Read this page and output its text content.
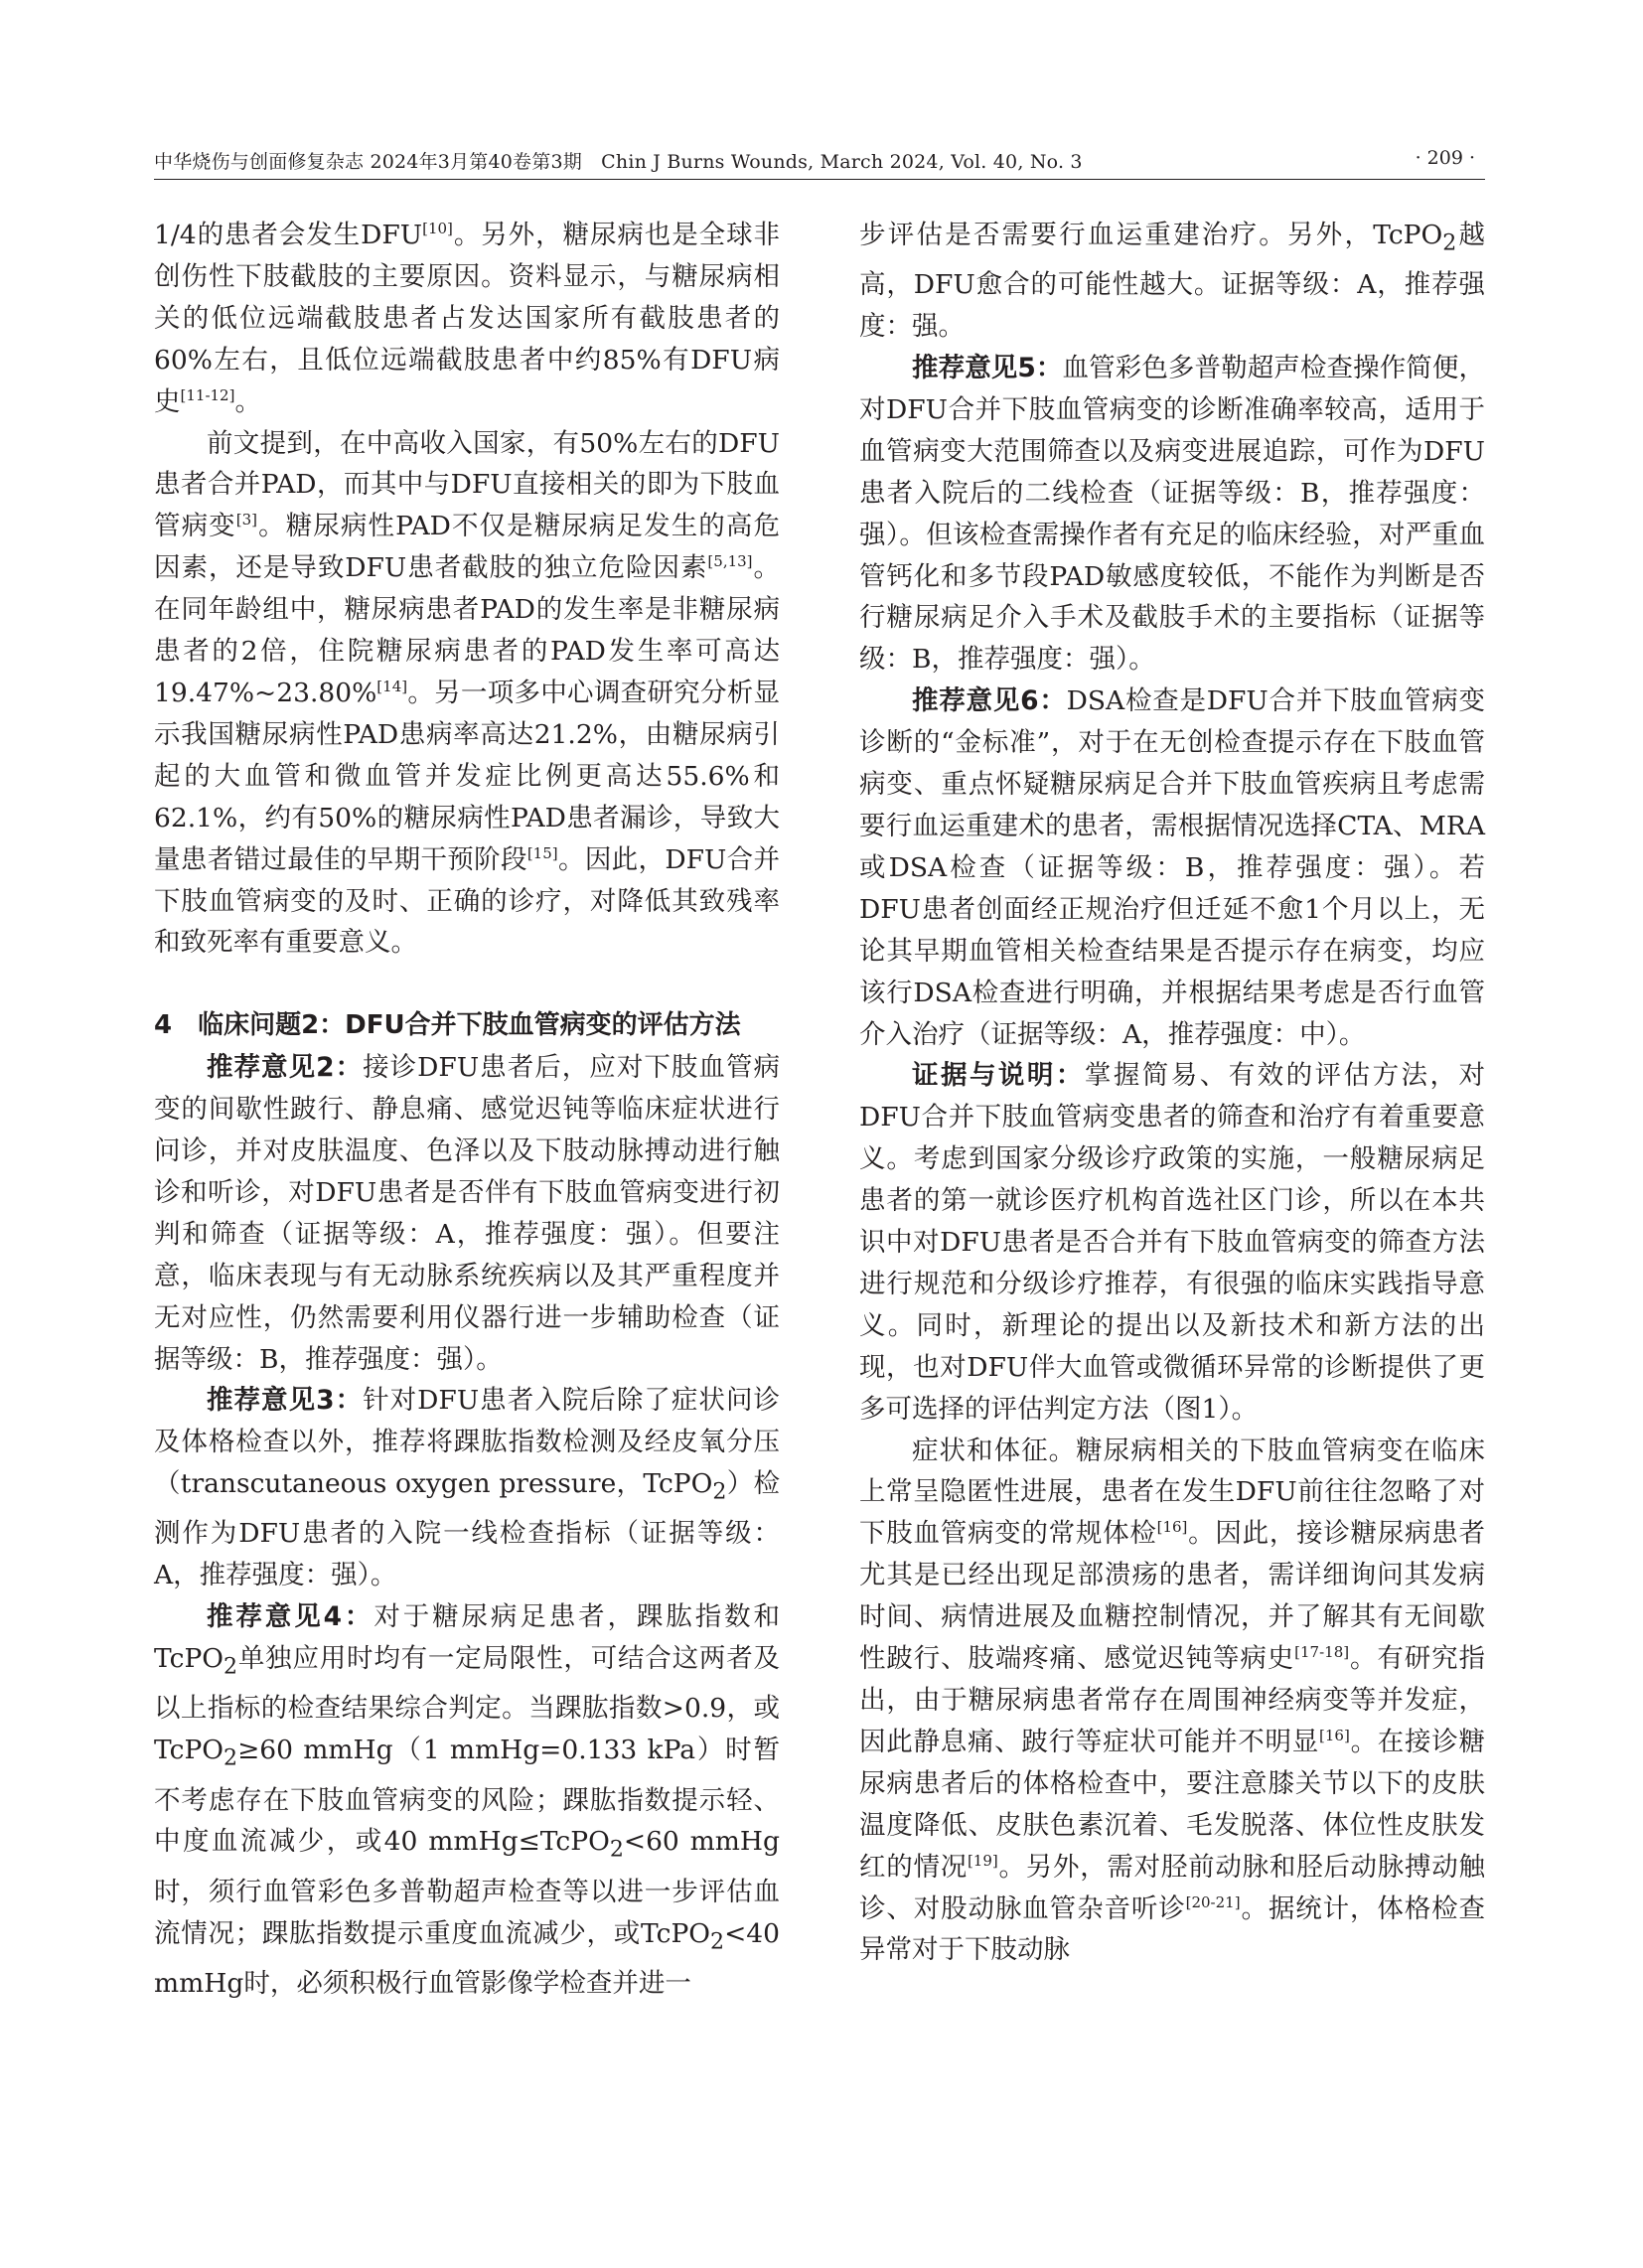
中华烧伤与创面修复杂志 2024年3月第40卷第3期　Chin J Burns Wounds, March 2024, Vol. 40, No. 3	· 209 ·

1/4的患者会发生DFU[10]。另外，糖尿病也是全球非创伤性下肢截肢的主要原因。资料显示，与糖尿病相关的低位远端截肢患者占发达国家所有截肢患者的60%左右，且低位远端截肢患者中约85%有DFU病史[11-12]。

前文提到，在中高收入国家，有50%左右的DFU患者合并PAD，而其中与DFU直接相关的即为下肢血管病变[3]。糖尿病性PAD不仅是糖尿病足发生的高危因素，还是导致DFU患者截肢的独立危险因素[5,13]。在同年龄组中，糖尿病患者PAD的发生率是非糖尿病患者的2倍，住院糖尿病患者的PAD发生率可高达19.47%~23.80%[14]。另一项多中心调查研究分析显示我国糖尿病性PAD患病率高达21.2%，由糖尿病引起的大血管和微血管并发症比例更高达55.6%和62.1%，约有50%的糖尿病性PAD患者漏诊，导致大量患者错过最佳的早期干预阶段[15]。因此，DFU合并下肢血管病变的及时、正确的诊疗，对降低其致残率和致死率有重要意义。

4　临床问题2：DFU合并下肢血管病变的评估方法

推荐意见2：接诊DFU患者后，应对下肢血管病变的间歇性跛行、静息痛、感觉迟钝等临床症状进行问诊，并对皮肤温度、色泽以及下肢动脉搏动进行触诊和听诊，对DFU患者是否伴有下肢血管病变进行初判和筛查（证据等级：A，推荐强度：强）。但要注意，临床表现与有无动脉系统疾病以及其严重程度并无对应性，仍然需要利用仪器行进一步辅助检查（证据等级：B，推荐强度：强）。

推荐意见3：针对DFU患者入院后除了症状问诊及体格检查以外，推荐将踝肱指数检测及经皮氧分压（transcutaneous oxygen pressure，TcPO$_2$）检测作为DFU患者的入院一线检查指标（证据等级：A，推荐强度：强）。

推荐意见4：对于糖尿病足患者，踝肱指数和TcPO$_2$单独应用时均有一定局限性，可结合这两者及以上指标的检查结果综合判定。当踝肱指数>0.9，或TcPO$_2$≥60 mmHg（1 mmHg=0.133 kPa）时暂不考虑存在下肢血管病变的风险；踝肱指数提示轻、中度血流减少，或40 mmHg≤TcPO$_2$<60 mmHg时，须行血管彩色多普勒超声检查等以进一步评估血流情况；踝肱指数提示重度血流减少，或TcPO$_2$<40 mmHg时，必须积极行血管影像学检查并进一

步评估是否需要行血运重建治疗。另外，TcPO$_2$越高，DFU愈合的可能性越大。证据等级：A，推荐强度：强。

推荐意见5：血管彩色多普勒超声检查操作简便，对DFU合并下肢血管病变的诊断准确率较高，适用于血管病变大范围筛查以及病变进展追踪，可作为DFU患者入院后的二线检查（证据等级：B，推荐强度：强）。但该检查需操作者有充足的临床经验，对严重血管钙化和多节段PAD敏感度较低，不能作为判断是否行糖尿病足介入手术及截肢手术的主要指标（证据等级：B，推荐强度：强）。

推荐意见6：DSA检查是DFU合并下肢血管病变诊断的“金标准”，对于在无创检查提示存在下肢血管病变、重点怀疑糖尿病足合并下肢血管疾病且考虑需要行血运重建术的患者，需根据情况选择CTA、MRA或DSA检查（证据等级：B，推荐强度：强）。若DFU患者创面经正规治疗但迁延不愈1个月以上，无论其早期血管相关检查结果是否提示存在病变，均应该行DSA检查进行明确，并根据结果考虑是否行血管介入治疗（证据等级：A，推荐强度：中）。

证据与说明：掌握简易、有效的评估方法，对DFU合并下肢血管病变患者的筛查和治疗有着重要意义。考虑到国家分级诊疗政策的实施，一般糖尿病足患者的第一就诊医疗机构首选社区门诊，所以在本共识中对DFU患者是否合并有下肢血管病变的筛查方法进行规范和分级诊疗推荐，有很强的临床实践指导意义。同时，新理论的提出以及新技术和新方法的出现，也对DFU伴大血管或微循环异常的诊断提供了更多可选择的评估判定方法（图1）。

症状和体征。糖尿病相关的下肢血管病变在临床上常呈隐匿性进展，患者在发生DFU前往往忽略了对下肢血管病变的常规体检[16]。因此，接诊糖尿病患者尤其是已经出现足部溃疡的患者，需详细询问其发病时间、病情进展及血糖控制情况，并了解其有无间歇性跛行、肢端疼痛、感觉迟钝等病史[17-18]。有研究指出，由于糖尿病患者常存在周围神经病变等并发症，因此静息痛、跛行等症状可能并不明显[16]。在接诊糖尿病患者后的体格检查中，要注意膝关节以下的皮肤温度降低、皮肤色素沉着、毛发脱落、体位性皮肤发红的情况[19]。另外，需对胫前动脉和胫后动脉搏动触诊、对股动脉血管杂音听诊[20-21]。据统计，体格检查异常对于下肢动脉
